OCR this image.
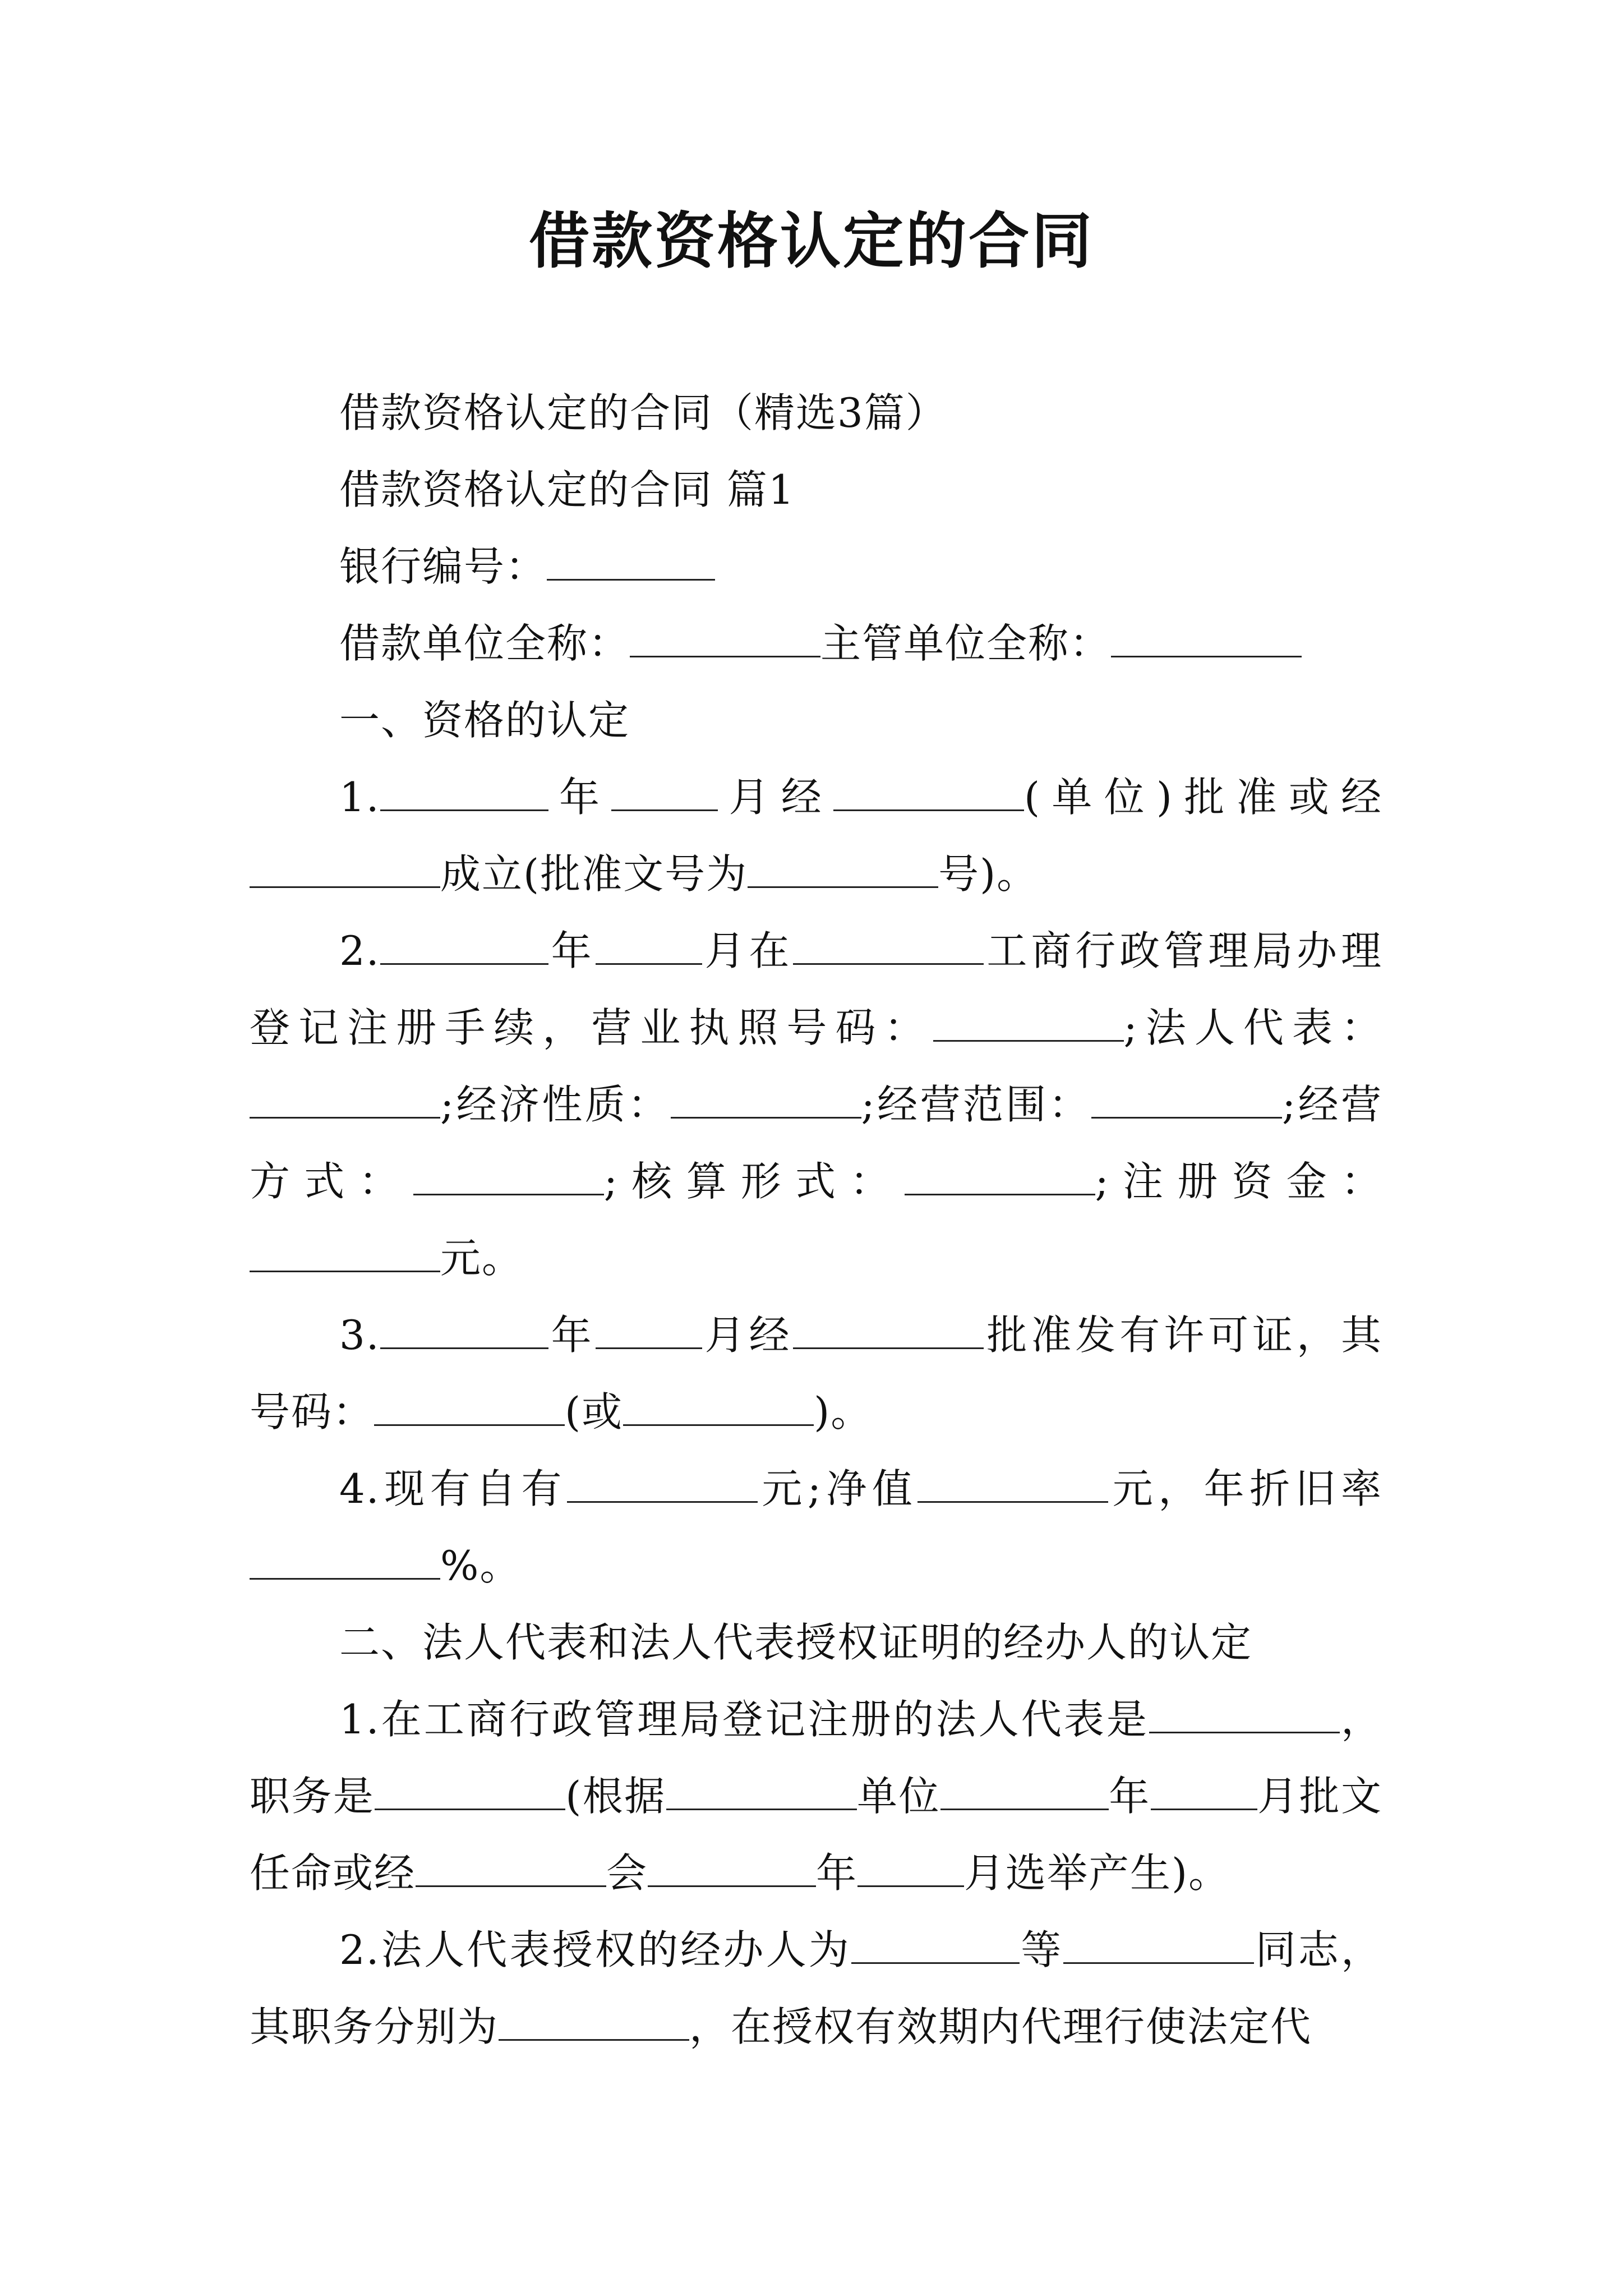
借款资格认定的合同

借款资格认定的合同（精选3篇）

借款资格认定的合同 篇1

银行编号：

借款单位全称：	主管单位全称：

一、资格的认定

1.	年	月经	(单位)批准或经成立(批准文号为	号)。

2.	年	月在	工商行政管理局办理登记注册手续，营业执照号码：	;法人代表：;经济性质：	;经营范围：	;经营方式：	;核算形式：	;注册资金：元。

3.	年	月经	批准发有许可证，其号码：	(或	)。

4.现有自有	元;净值	元，年折旧率%。

二、法人代表和法人代表授权证明的经办人的认定

1.在工商行政管理局登记注册的法人代表是	，职务是	(根据	单位	年	月批文任命或经	会	年	月选举产生)。

2.法人代表授权的经办人为	等	同志，其职务分别为	，在授权有效期内代理行使法定代
